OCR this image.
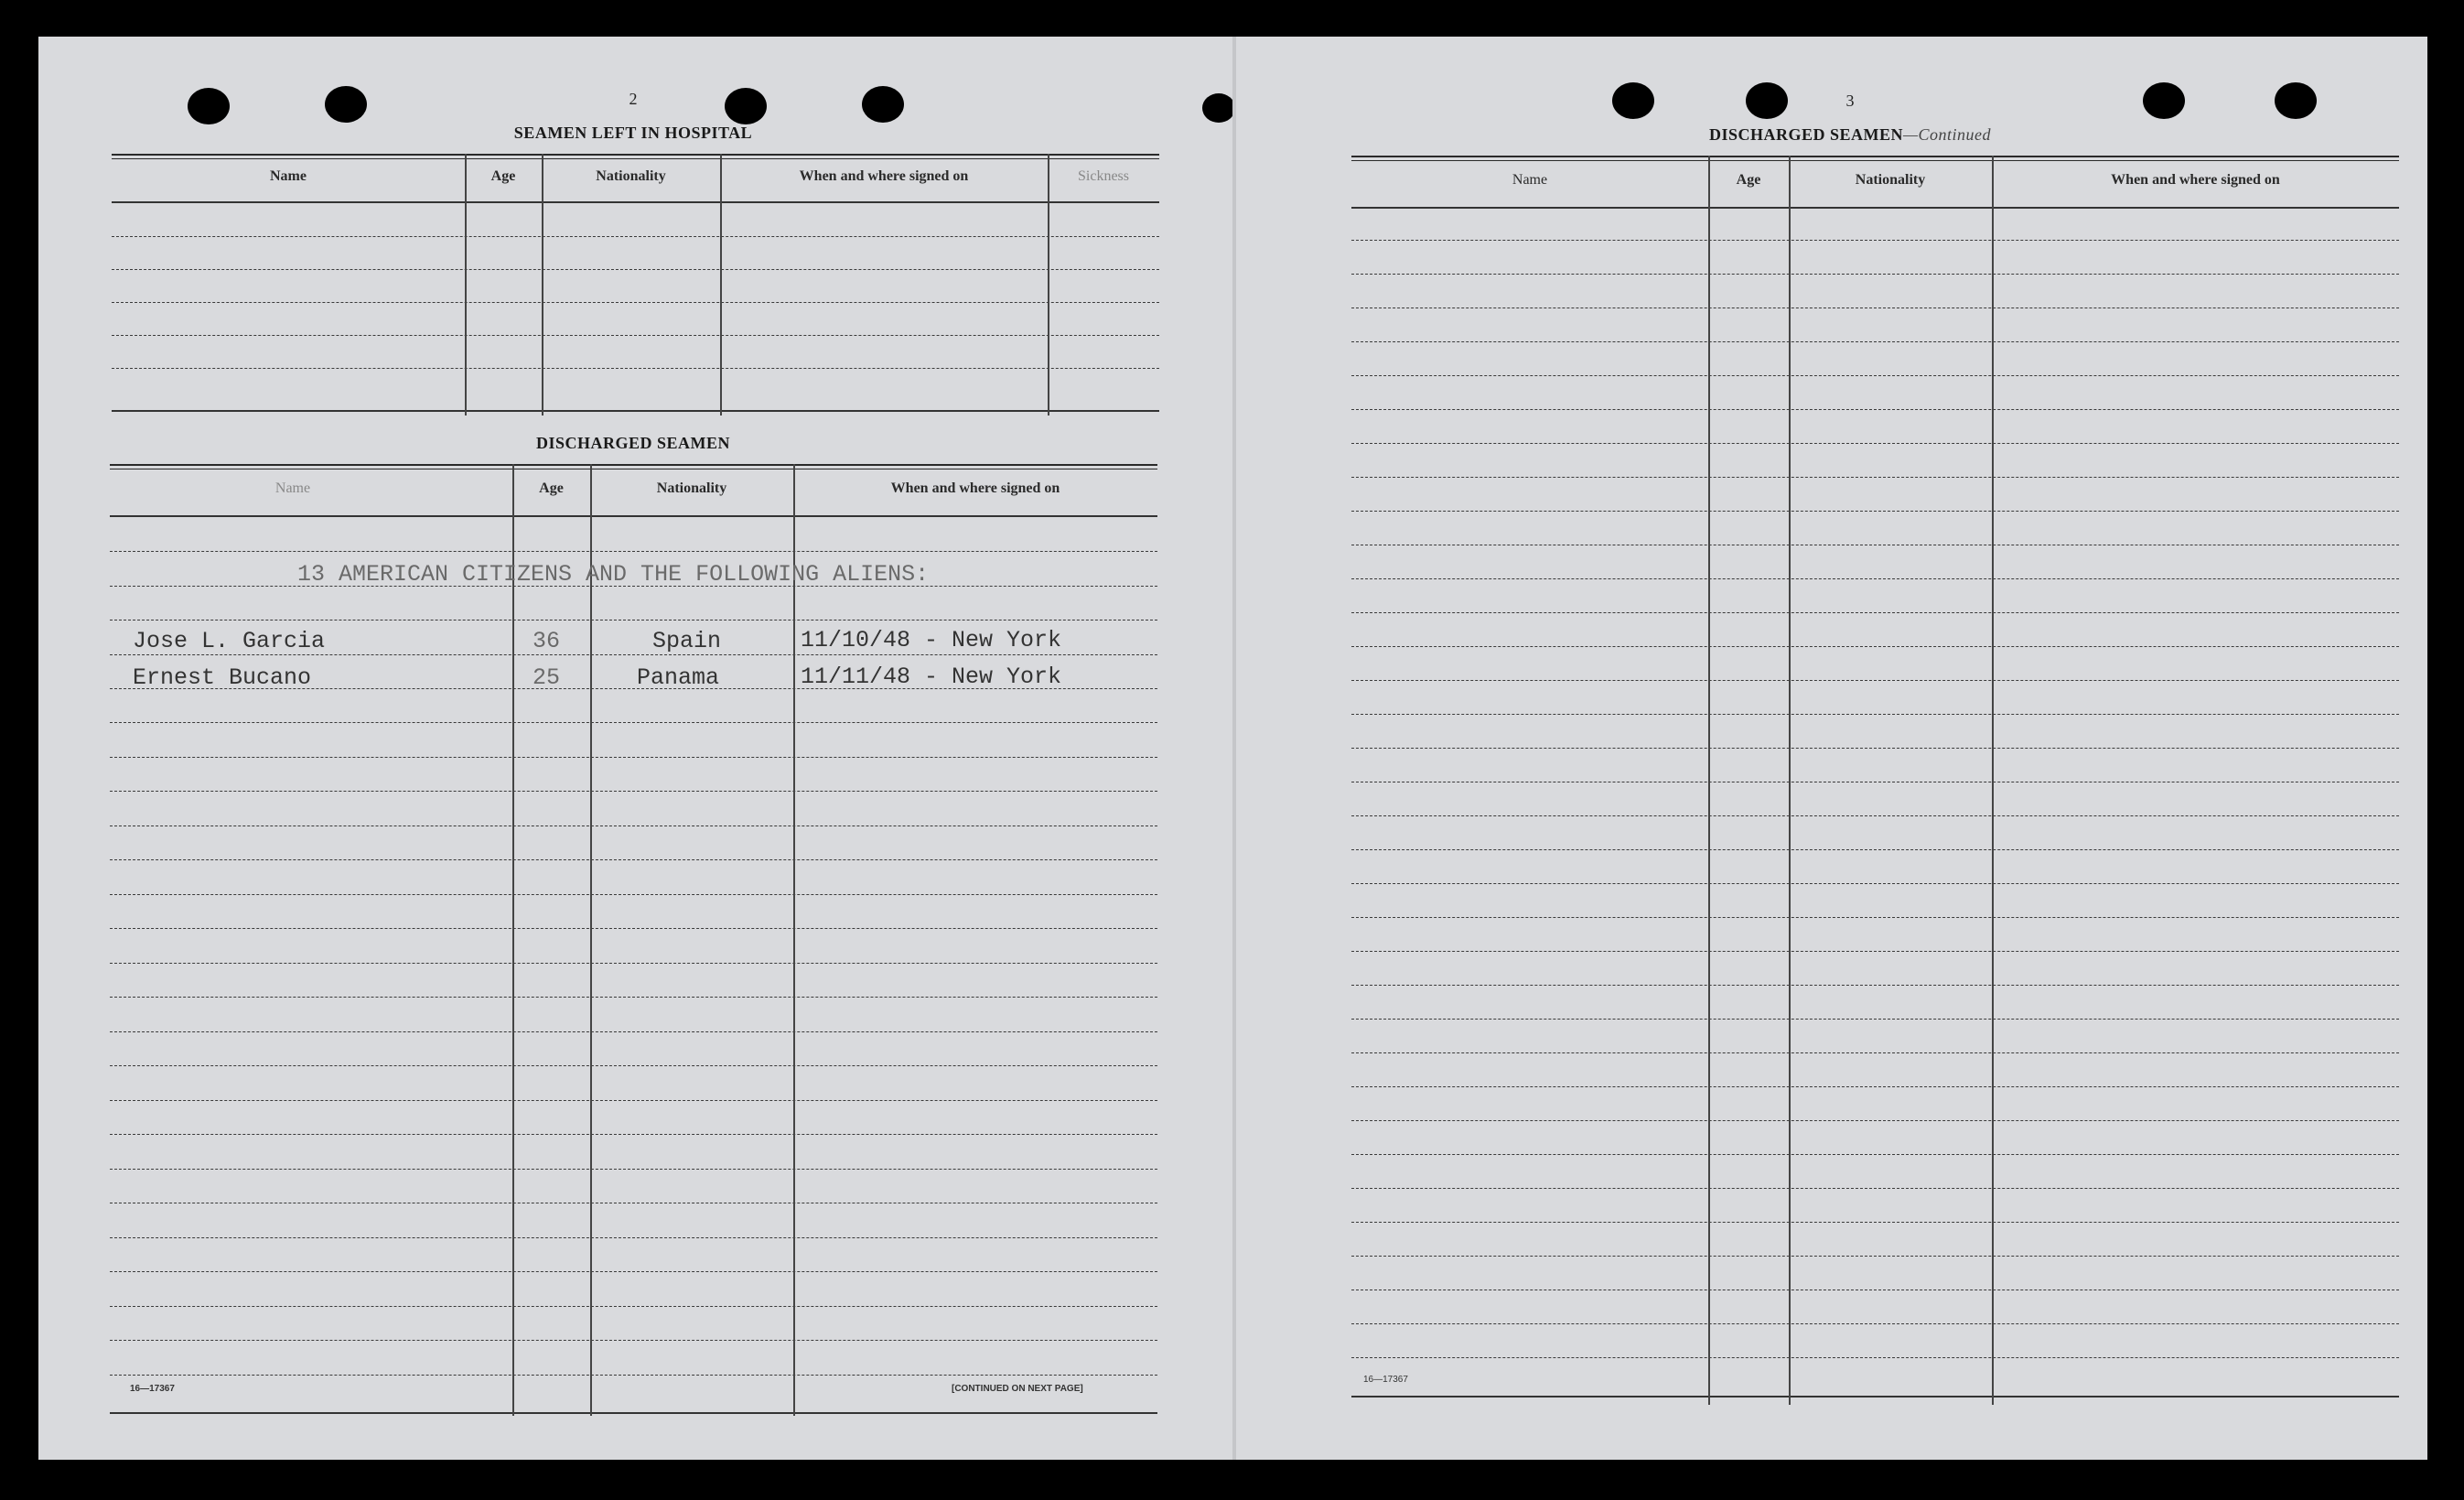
2
SEAMEN LEFT IN HOSPITAL
Name	Age	Nationality	When and where signed on	Sickness
DISCHARGED SEAMEN
Name	Age	Nationality	When and where signed on
13 AMERICAN CITIZENS AND THE FOLLOWING ALIENS:
Jose L. Garcia	36	Spain	11/10/48 - New York
Ernest Bucano	25	Panama	11/11/48 - New York
16—17367	[CONTINUED ON NEXT PAGE]
3
DISCHARGED SEAMEN—Continued
Name	Age	Nationality	When and where signed on
16—17367
